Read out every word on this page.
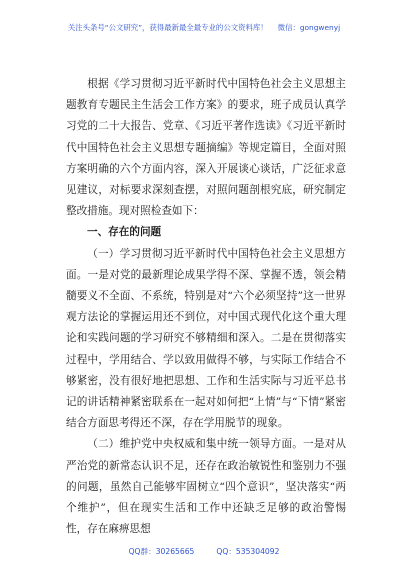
关注头条号“公文研究”，获得最新最全最专业的公文资料库！ 微信：gongwenyj

根据《学习贯彻习近平新时代中国特色社会主义思想主题教育专题民主生活会工作方案》的要求，班子成员认真学习党的二十大报告、党章、《习近平著作选读》《习近平新时代中国特色社会主义思想专题摘编》等规定篇目，全面对照方案明确的六个方面内容，深入开展谈心谈话，广泛征求意见建议，对标要求深刻查摆，对照问题剖根究底，研究制定整改措施。现对照检查如下：

一、存在的问题

（一）学习贯彻习近平新时代中国特色社会主义思想方面。一是对党的最新理论成果学得不深、掌握不透，领会精髓要义不全面、不系统，特别是对“六个必须坚持”这一世界观方法论的掌握运用还不到位，对中国式现代化这个重大理论和实践问题的学习研究不够精细和深入。二是在贯彻落实过程中，学用结合、学以致用做得不够，与实际工作结合不够紧密，没有很好地把思想、工作和生活实际与习近平总书记的讲话精神紧密联系在一起对如何把“上情”与“下情”紧密结合方面思考得还不深，存在学用脱节的现象。

（二）维护党中央权威和集中统一领导方面。一是对从严治党的新常态认识不足，还存在政治敏锐性和鉴别力不强的问题，虽然自己能够牢固树立“四个意识”，坚决落实“两个维护”，但在现实生活和工作中还缺乏足够的政治警惕性，存在麻痹思想

QQ群：30265665	QQ：535304092
